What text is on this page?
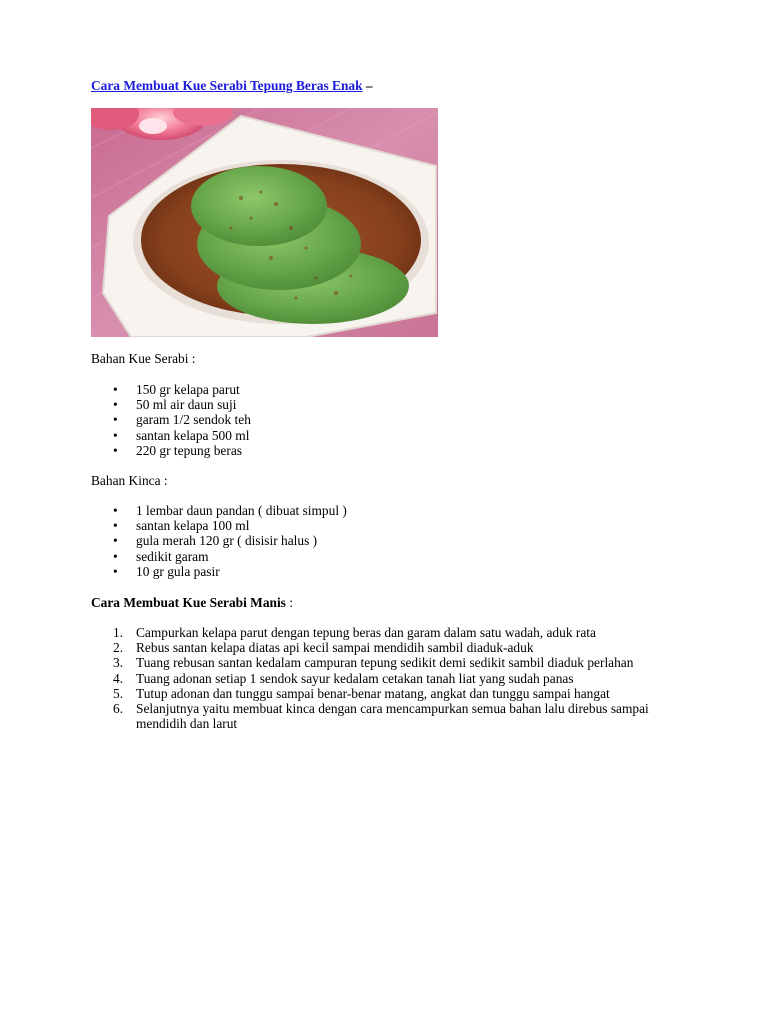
Cara Membuat Kue Serabi Tepung Beras Enak –
Bahan Kue Serabi :
• 150 gr kelapa parut
• 50 ml air daun suji
• garam 1/2 sendok teh
• santan kelapa 500 ml
• 220 gr tepung beras
Bahan Kinca :
• 1 lembar daun pandan ( dibuat simpul )
• santan kelapa 100 ml
• gula merah 120 gr ( disisir halus )
• sedikit garam
• 10 gr gula pasir
Cara Membuat Kue Serabi Manis :
1. Campurkan kelapa parut dengan tepung beras dan garam dalam satu wadah, aduk rata
2. Rebus santan kelapa diatas api kecil sampai mendidih sambil diaduk-aduk
3. Tuang rebusan santan kedalam campuran tepung sedikit demi sedikit sambil diaduk perlahan
4. Tuang adonan setiap 1 sendok sayur kedalam cetakan tanah liat yang sudah panas
5. Tutup adonan dan tunggu sampai benar-benar matang, angkat dan tunggu sampai hangat
6. Selanjutnya yaitu membuat kinca dengan cara mencampurkan semua bahan lalu direbus sampai mendidih dan larut
